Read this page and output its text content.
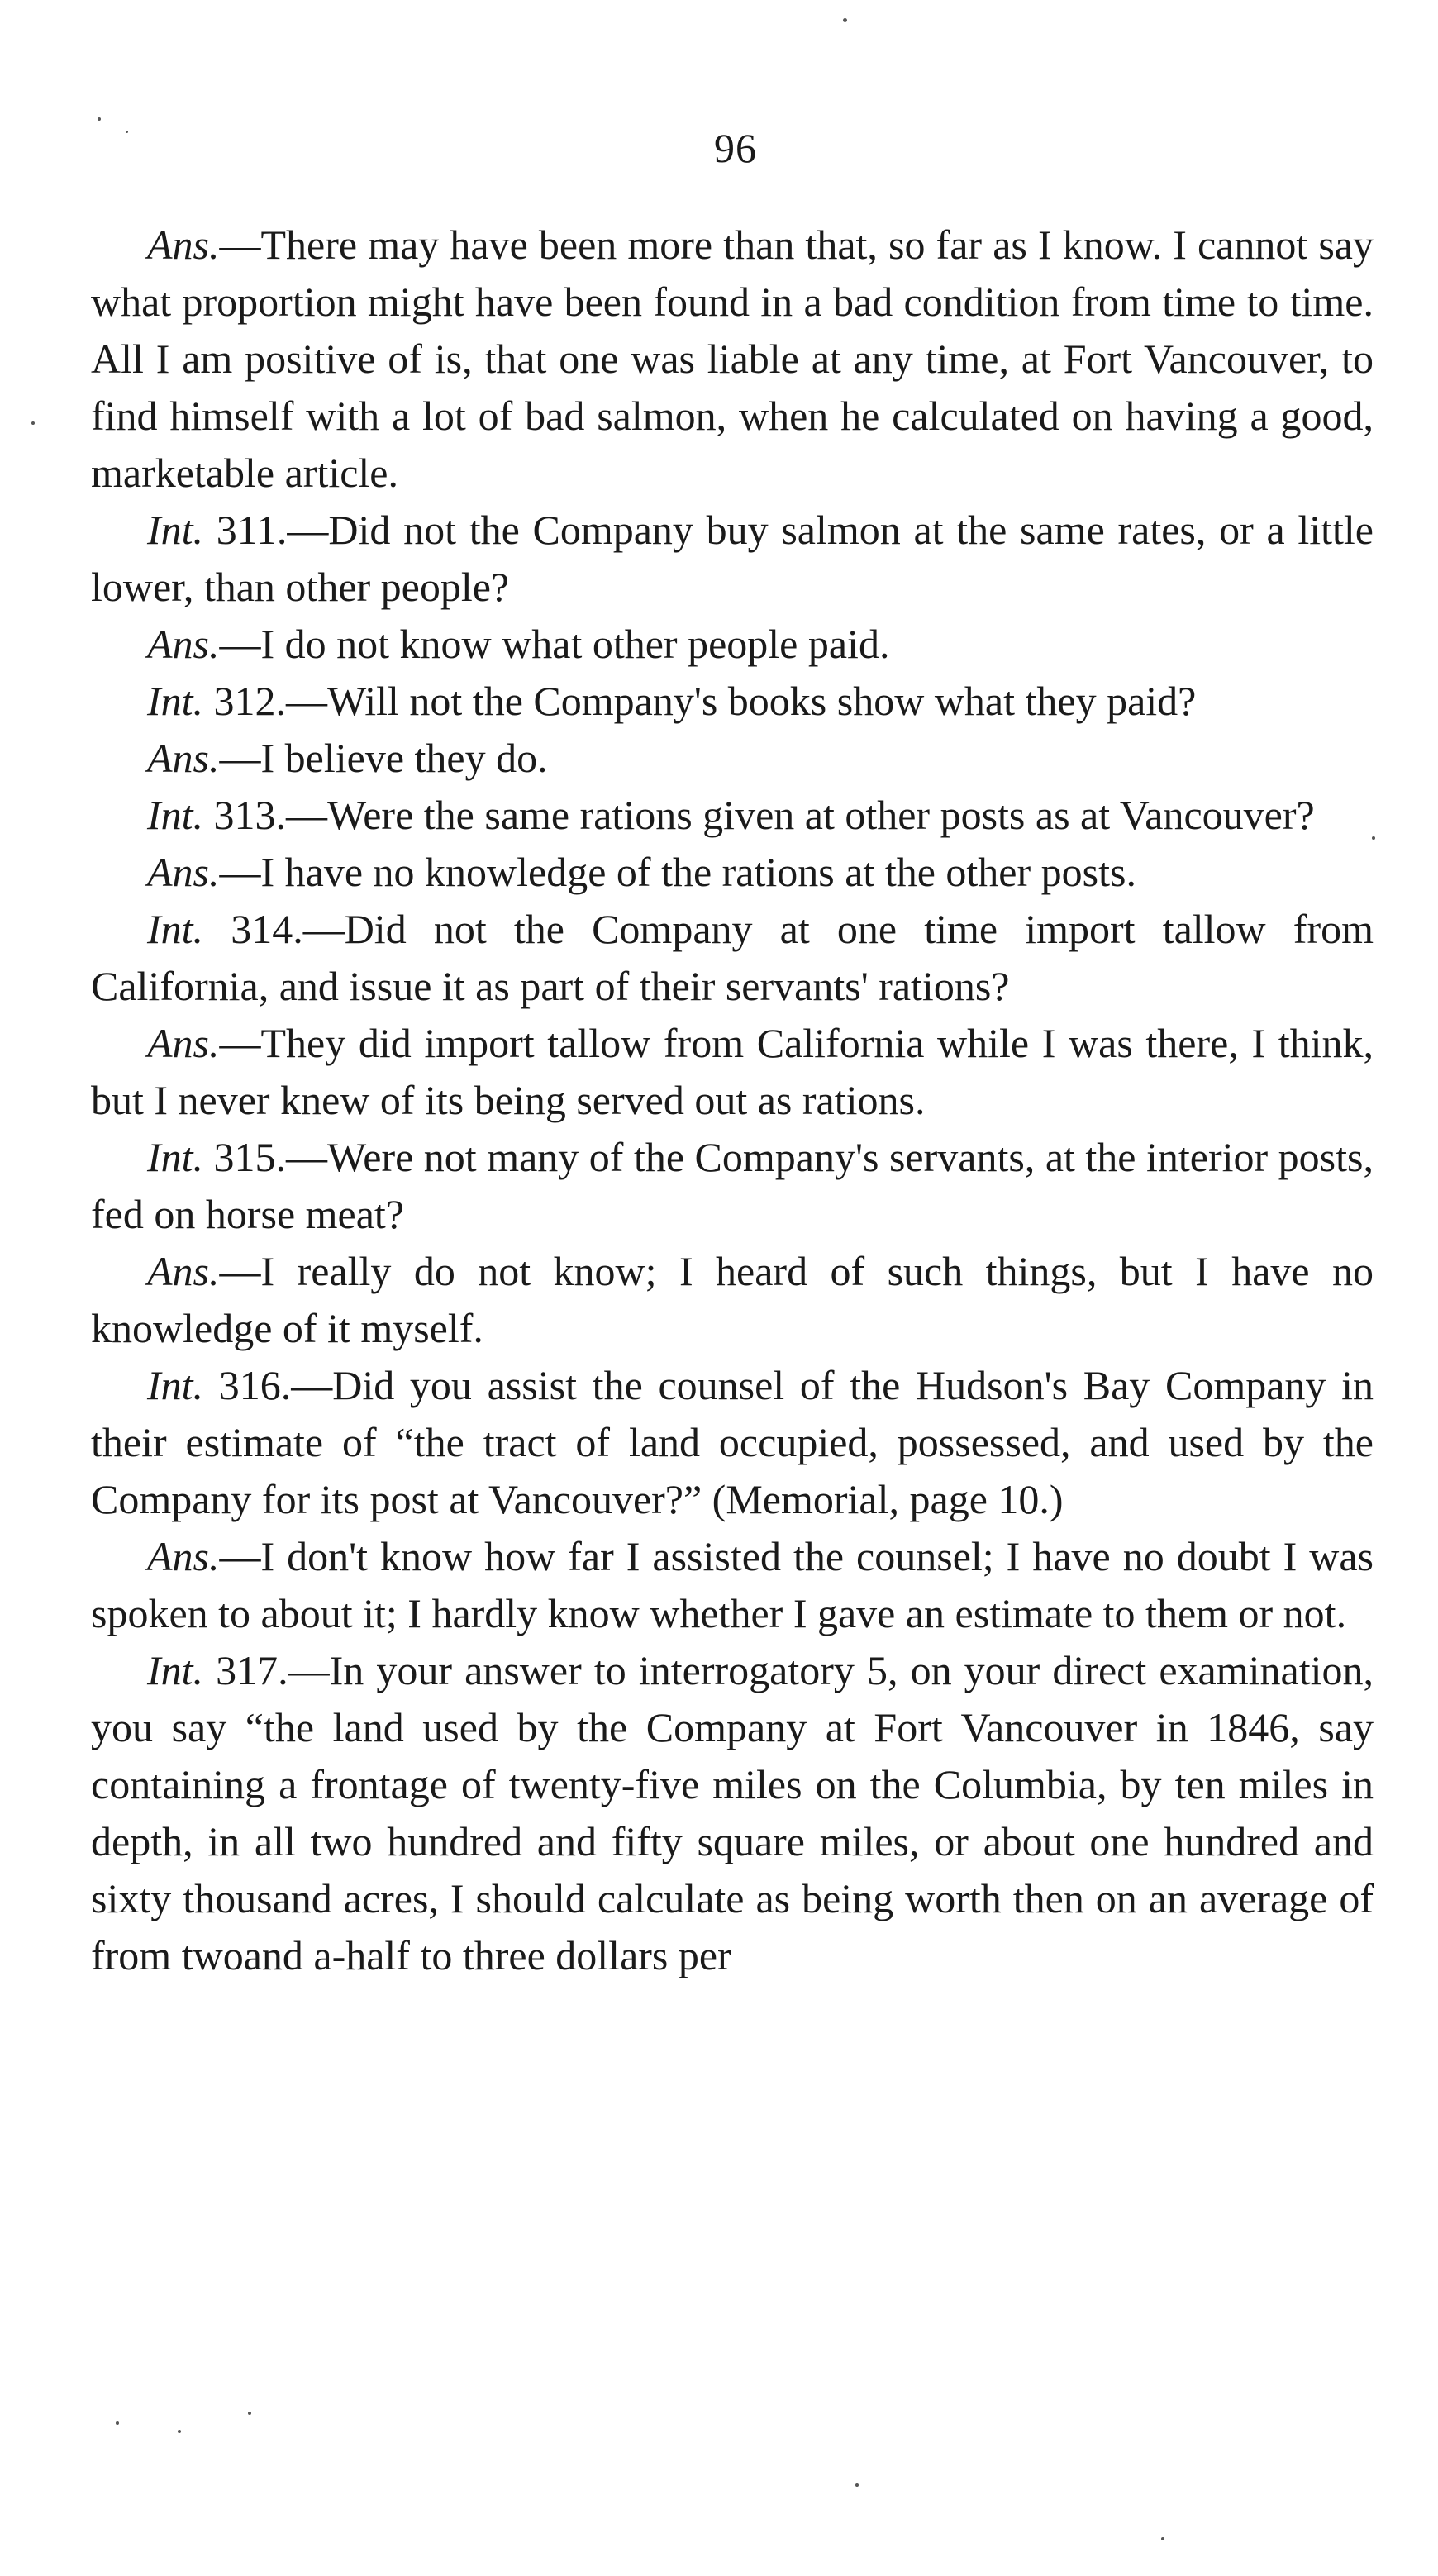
96

Ans.—There may have been more than that, so far as I know. I cannot say what proportion might have been found in a bad condition from time to time. All I am positive of is, that one was liable at any time, at Fort Vancouver, to find himself with a lot of bad salmon, when he calculated on having a good, marketable article.

Int. 311.—Did not the Company buy salmon at the same rates, or a little lower, than other people?

Ans.—I do not know what other people paid.

Int. 312.—Will not the Company's books show what they paid?

Ans.—I believe they do.

Int. 313.—Were the same rations given at other posts as at Vancouver?

Ans.—I have no knowledge of the rations at the other posts.

Int. 314.—Did not the Company at one time import tallow from California, and issue it as part of their servants' rations?

Ans.—They did import tallow from California while I was there, I think, but I never knew of its being served out as rations.

Int. 315.—Were not many of the Company's servants, at the interior posts, fed on horse meat?

Ans.—I really do not know; I heard of such things, but I have no knowledge of it myself.

Int. 316.—Did you assist the counsel of the Hudson's Bay Company in their estimate of “the tract of land occupied, possessed, and used by the Company for its post at Vancouver?” (Memorial, page 10.)

Ans.—I don't know how far I assisted the counsel; I have no doubt I was spoken to about it; I hardly know whether I gave an estimate to them or not.

Int. 317.—In your answer to interrogatory 5, on your direct examination, you say “the land used by the Company at Fort Vancouver in 1846, say containing a frontage of twenty-five miles on the Columbia, by ten miles in depth, in all two hundred and fifty square miles, or about one hundred and sixty thousand acres, I should calculate as being worth then on an average of from twoand a-half to three dollars per
